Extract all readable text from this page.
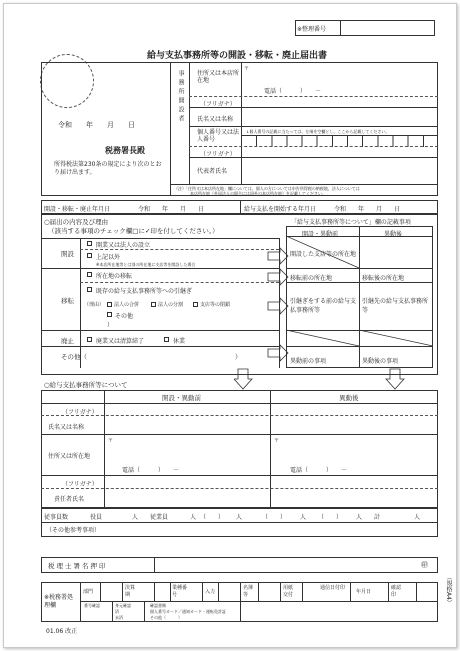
※整理番号
給与支払事務所等の開設・移転・廃止届出書
令和　　年　　月　　日
税務署長殿
所得税法第230条の規定により次のとおり届け出ます。
事務所開設者 住所又は本店所在地
〒
電話（　　　）　　－
（フリガナ）
氏名又は名称
個人番号又は法人番号
↓個人番号の記載に当たっては、左端を空欄とし、ここから記載してください。
（フリガナ）
代表者氏名
（注）「住所又は本店所在地」欄については、個人の方については申告所得税の納税地、法人については
本店所在地（外国法人の場合には国外の本店所在地）を記載してください。
開設・移転・廃止年月日	令和　　年　　月　　日	給与支払を開始する年月日	令和　　年　　月　　日
○届出の内容及び理由
（該当する事項のチェック欄□に✓印を付してください。）
開設
開業又は法人の設立
上記以外
※本店所在地等とは別の所在地に支店等を開設した場合
所在地の移転
移転
既存の給与支払事務所等への引継ぎ
（理由） 法人の合併	法人の分割	支店等の閉鎖
その他
）
廃止	廃業又は清算結了	休業
その他（	）
「給与支払事務所等について」欄の記載事項
開設・異動前	異動後
開設した支店等の所在地
移転前の所在地	移転後の所在地
引継ぎをする前の給与支払事務所等
引継先の給与支払事務所等
異動前の事項	異動後の事項
○給与支払事務所等について
開設・異動前	異動後
（フリガナ）
氏名又は名称
〒	〒
住所又は所在地
電話（　　　）　　－	電話（　　　）　　－
（フリガナ）
責任者氏名
従事員数	役員	人 従業員	人 （　　） 人	（　　） 人 （　　） 人 計	人
（その他参考事項）
税理士署名押印	㊞
※税務署処理欄
部門
決算期
業種番号	入力
名簿等
用紙交付
通信日付印
年月日
確認印
番号確認	身元確認
済
未済
確認書類
個人番号カード／通知カード・運転免許証
その他（　　　）
01.06 改正
（規格A4）
